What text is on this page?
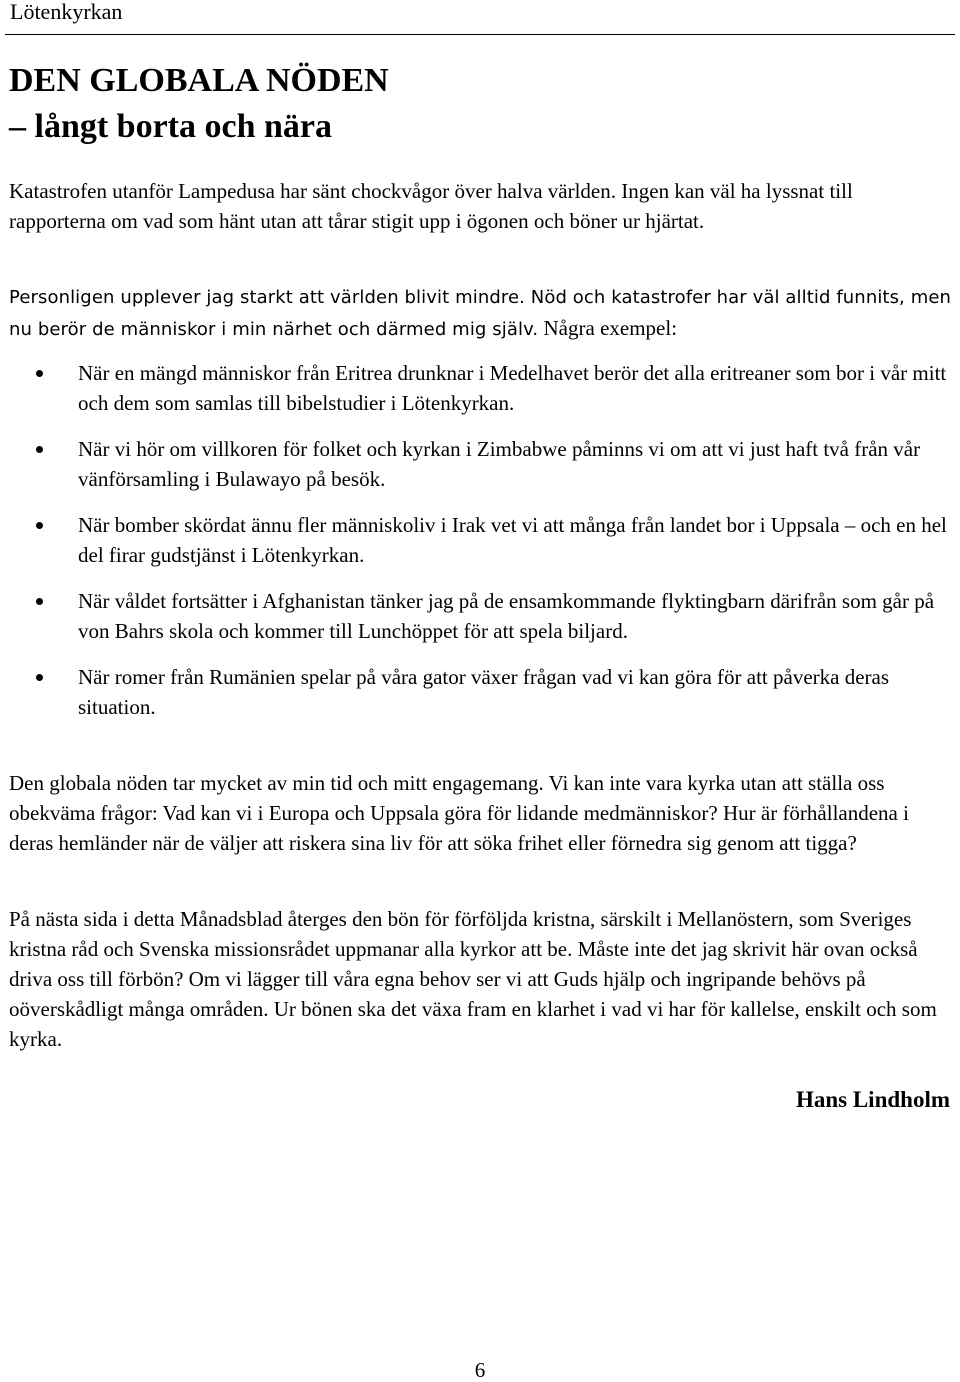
Lötenkyrkan
DEN GLOBALA NÖDEN
– långt borta och nära

Katastrofen utanför Lampedusa har sänt chockvågor över halva världen. Ingen kan väl ha lyssnat till rapporterna om vad som hänt utan att tårar stigit upp i ögonen och böner ur hjärtat.

Personligen upplever jag starkt att världen blivit mindre. Nöd och katastrofer har väl alltid funnits, men nu berör de människor i min närhet och därmed mig själv. Några exempel:

När en mängd människor från Eritrea drunknar i Medelhavet berör det alla eritreaner som bor i vår mitt och dem som samlas till bibelstudier i Lötenkyrkan.
När vi hör om villkoren för folket och kyrkan i Zimbabwe påminns vi om att vi just haft två från vår vänförsamling i Bulawayo på besök.
När bomber skördat ännu fler människoliv i Irak vet vi att många från landet bor i Uppsala – och en hel del firar gudstjänst i Lötenkyrkan.
När våldet fortsätter i Afghanistan tänker jag på de ensamkommande flyktingbarn därifrån som går på von Bahrs skola och kommer till Lunchöppet för att spela biljard.
När romer från Rumänien spelar på våra gator växer frågan vad vi kan göra för att påverka deras situation.

Den globala nöden tar mycket av min tid och mitt engagemang. Vi kan inte vara kyrka utan att ställa oss obekväma frågor: Vad kan vi i Europa och Uppsala göra för lidande medmänniskor? Hur är förhållandena i deras hemländer när de väljer att riskera sina liv för att söka frihet eller förnedra sig genom att tigga?

På nästa sida i detta Månadsblad återges den bön för förföljda kristna, särskilt i Mellanöstern, som Sveriges kristna råd och Svenska missionsrådet uppmanar alla kyrkor att be. Måste inte det jag skrivit här ovan också driva oss till förbön? Om vi lägger till våra egna behov ser vi att Guds hjälp och ingripande behövs på oöverskådligt många områden. Ur bönen ska det växa fram en klarhet i vad vi har för kallelse, enskilt och som kyrka.

Hans Lindholm
6
